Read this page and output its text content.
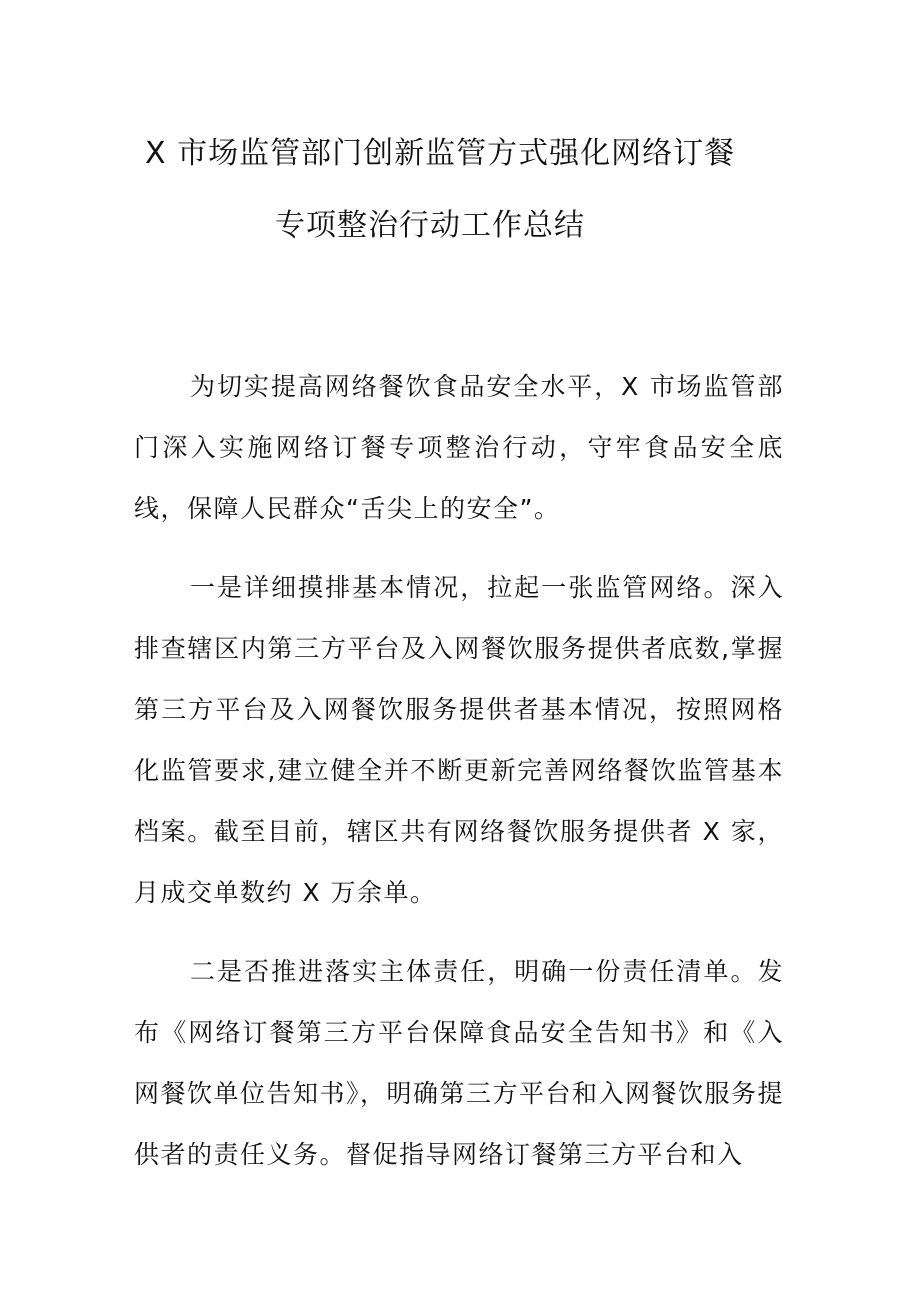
X 市场监管部门创新监管方式强化网络订餐
专项整治行动工作总结

为切实提高网络餐饮食品安全水平，X 市场监管部门深入实施网络订餐专项整治行动，守牢食品安全底线，保障人民群众“舌尖上的安全”。

一是详细摸排基本情况，拉起一张监管网络。深入排查辖区内第三方平台及入网餐饮服务提供者底数,掌握第三方平台及入网餐饮服务提供者基本情况，按照网格化监管要求,建立健全并不断更新完善网络餐饮监管基本档案。截至目前，辖区共有网络餐饮服务提供者 X 家，月成交单数约 X 万余单。

二是否推进落实主体责任，明确一份责任清单。发布《网络订餐第三方平台保障食品安全告知书》和《入网餐饮单位告知书》，明确第三方平台和入网餐饮服务提供者的责任义务。督促指导网络订餐第三方平台和入
